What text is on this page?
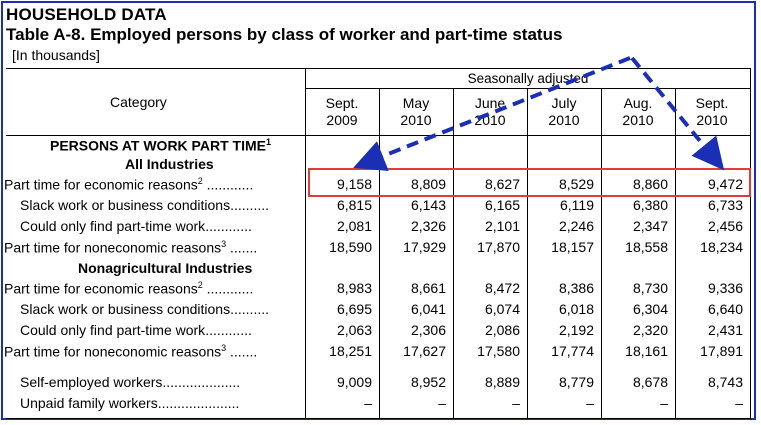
HOUSEHOLD DATA
Table A-8. Employed persons by class of worker and part-time status
[In thousands]
Category
Seasonally adjusted
Sept.
2009
May
2010
June
2010
July
2010
Aug.
2010
Sept.
2010
PERSONS AT WORK PART TIME$^1$
All Industries
Nonagricultural Industries
Part time for economic reasons$^2$ ............	9,158	8,809	8,627	8,529	8,860	9,472
Slack work or business conditions..........	6,815	6,143	6,165	6,119	6,380	6,733
Could only find part-time work............	2,081	2,326	2,101	2,246	2,347	2,456
Part time for noneconomic reasons$^3$ .......	18,590	17,929	17,870	18,157	18,558	18,234
Part time for economic reasons$^2$ ............	8,983	8,661	8,472	8,386	8,730	9,336
Slack work or business conditions..........	6,695	6,041	6,074	6,018	6,304	6,640
Could only find part-time work............	2,063	2,306	2,086	2,192	2,320	2,431
Part time for noneconomic reasons$^3$ .......	18,251	17,627	17,580	17,774	18,161	17,891
Self-employed workers....................	9,009	8,952	8,889	8,779	8,678	8,743
Unpaid family workers.....................	–	–	–	–	–	–
